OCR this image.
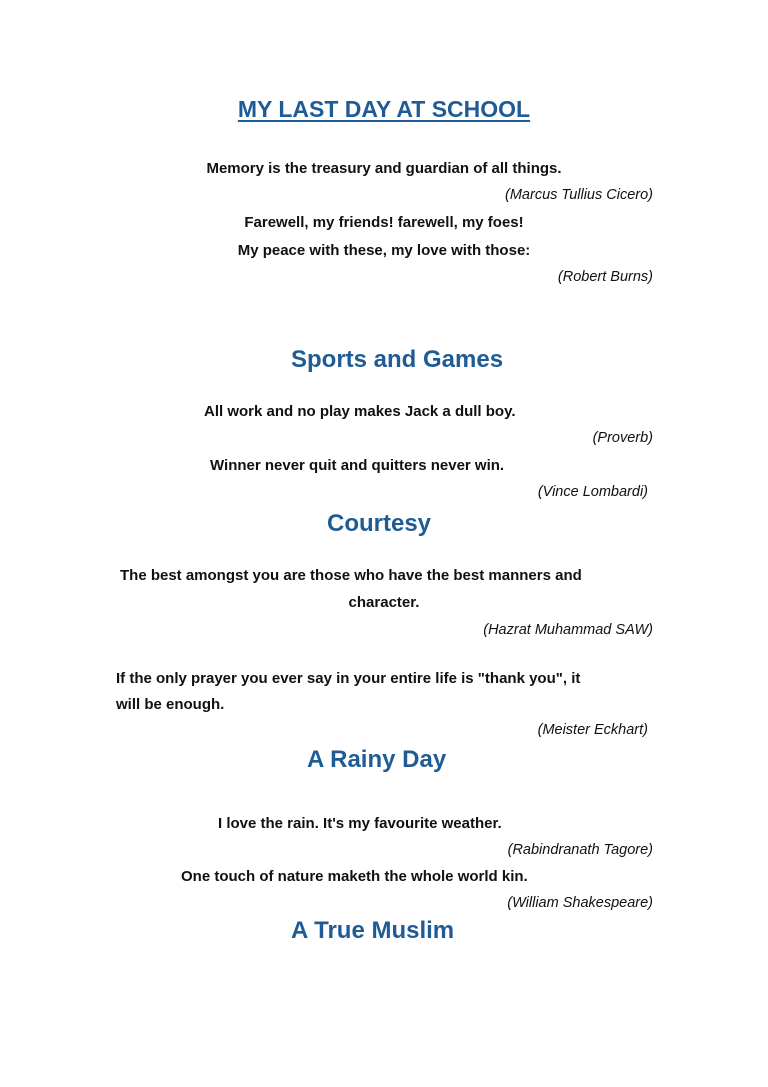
MY LAST DAY AT SCHOOL

Memory is the treasury and guardian of all things.

(Marcus Tullius Cicero)

Farewell, my friends! farewell, my foes!

My peace with these, my love with those:

(Robert Burns)

Sports and Games

All work and no play makes Jack a dull boy.

(Proverb)

Winner never quit and quitters never win.

(Vince Lombardi)

Courtesy

The best amongst you are those who have the best manners and

character.

(Hazrat Muhammad SAW)

If the only prayer you ever say in your entire life is "thank you", it

will be enough.

(Meister Eckhart)

A Rainy Day

I love the rain. It's my favourite weather.

(Rabindranath Tagore)

One touch of nature maketh the whole world kin.

(William Shakespeare)

A True Muslim
